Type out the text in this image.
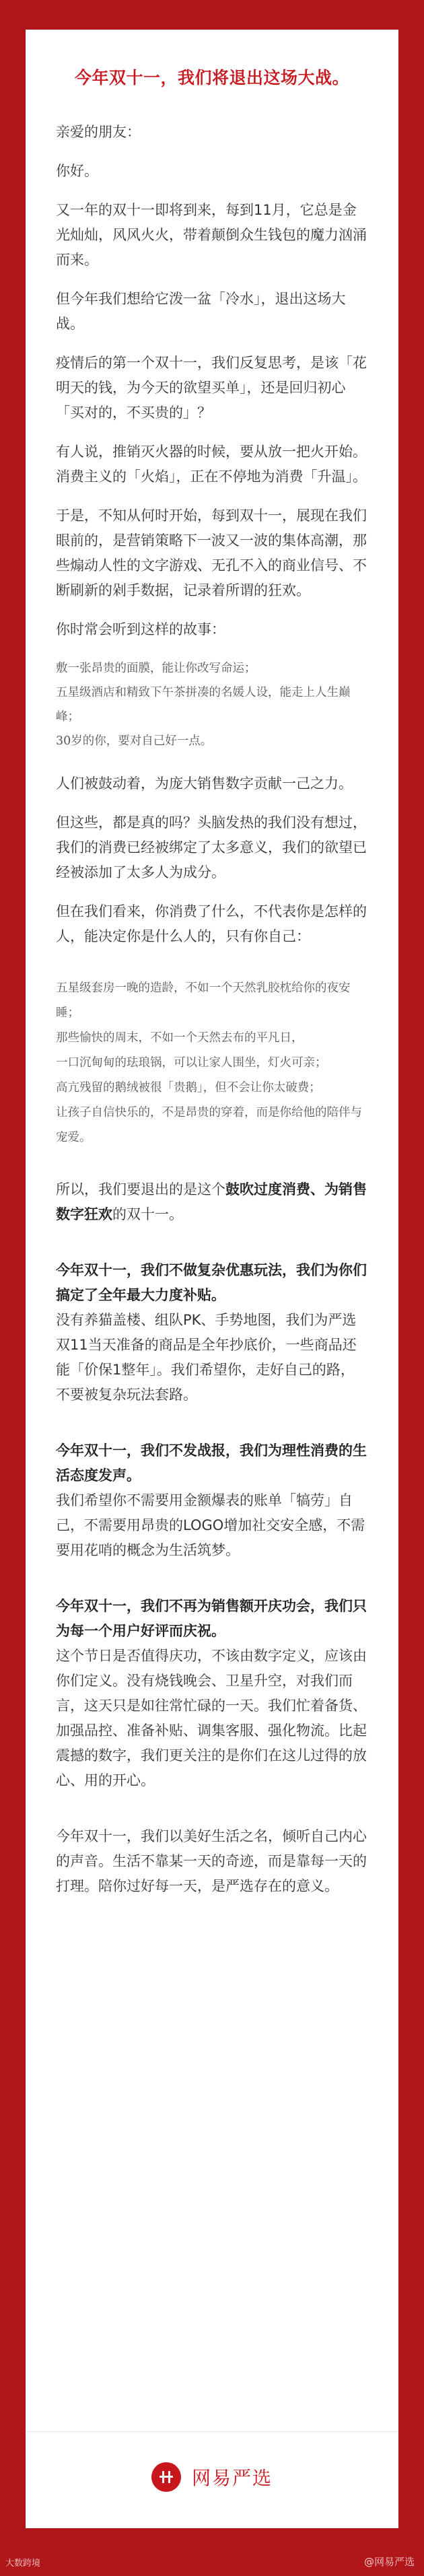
今年双十一，我们将退出这场大战。

亲爱的朋友：

你好。

又一年的双十一即将到来，每到11月，它总是金光灿灿，风风火火，带着颠倒众生钱包的魔力汹涌而来。

但今年我们想给它泼一盆「冷水」，退出这场大战。

疫情后的第一个双十一，我们反复思考，是该「花明天的钱，为今天的欲望买单」，还是回归初心「买对的，不买贵的」？

有人说，推销灭火器的时候，要从放一把火开始。消费主义的「火焰」，正在不停地为消费「升温」。

于是，不知从何时开始，每到双十一，展现在我们眼前的，是营销策略下一波又一波的集体高潮，那些煽动人性的文字游戏、无孔不入的商业信号、不断刷新的剁手数据，记录着所谓的狂欢。

你时常会听到这样的故事：

敷一张昂贵的面膜，能让你改写命运；
五星级酒店和精致下午茶拼凑的名媛人设，能走上人生巅峰；
30岁的你，要对自己好一点。

人们被鼓动着，为庞大销售数字贡献一己之力。

但这些，都是真的吗？头脑发热的我们没有想过，我们的消费已经被绑定了太多意义，我们的欲望已经被添加了太多人为成分。

但在我们看来，你消费了什么，不代表你是怎样的人，能决定你是什么人的，只有你自己：

五星级套房一晚的造龄，不如一个天然乳胶枕给你的夜安睡；
那些愉快的周末，不如一个天然去布的平凡日，
一口沉甸甸的珐琅锅，可以让家人围坐，灯火可亲；
高亢残留的鹅绒被很「贵鹅」，但不会让你太破费；
让孩子自信快乐的，不是昂贵的穿着，而是你给他的陪伴与宠爱。

所以，我们要退出的是这个鼓吹过度消费、为销售数字狂欢的双十一。

今年双十一，我们不做复杂优惠玩法，我们为你们搞定了全年最大力度补贴。

没有养猫盖楼、组队PK、手势地图，我们为严选双11当天准备的商品是全年抄底价，一些商品还能「价保1整年」。我们希望你，走好自己的路，不要被复杂玩法套路。

今年双十一，我们不发战报，我们为理性消费的生活态度发声。

我们希望你不需要用金额爆表的账单「犒劳」自己，不需要用昂贵的LOGO增加社交安全感，不需要用花哨的概念为生活筑梦。

今年双十一，我们不再为销售额开庆功会，我们只为每一个用户好评而庆祝。

这个节日是否值得庆功，不该由数字定义，应该由你们定义。没有烧钱晚会、卫星升空，对我们而言，这天只是如往常忙碌的一天。我们忙着备货、加强品控、准备补贴、调集客服、强化物流。比起震撼的数字，我们更关注的是你们在这儿过得的放心、用的开心。

今年双十一，我们以美好生活之名，倾听自己内心的声音。生活不靠某一天的奇迹，而是靠每一天的打理。陪你过好每一天，是严选存在的意义。

网易严选
大数跨境	@网易严选
